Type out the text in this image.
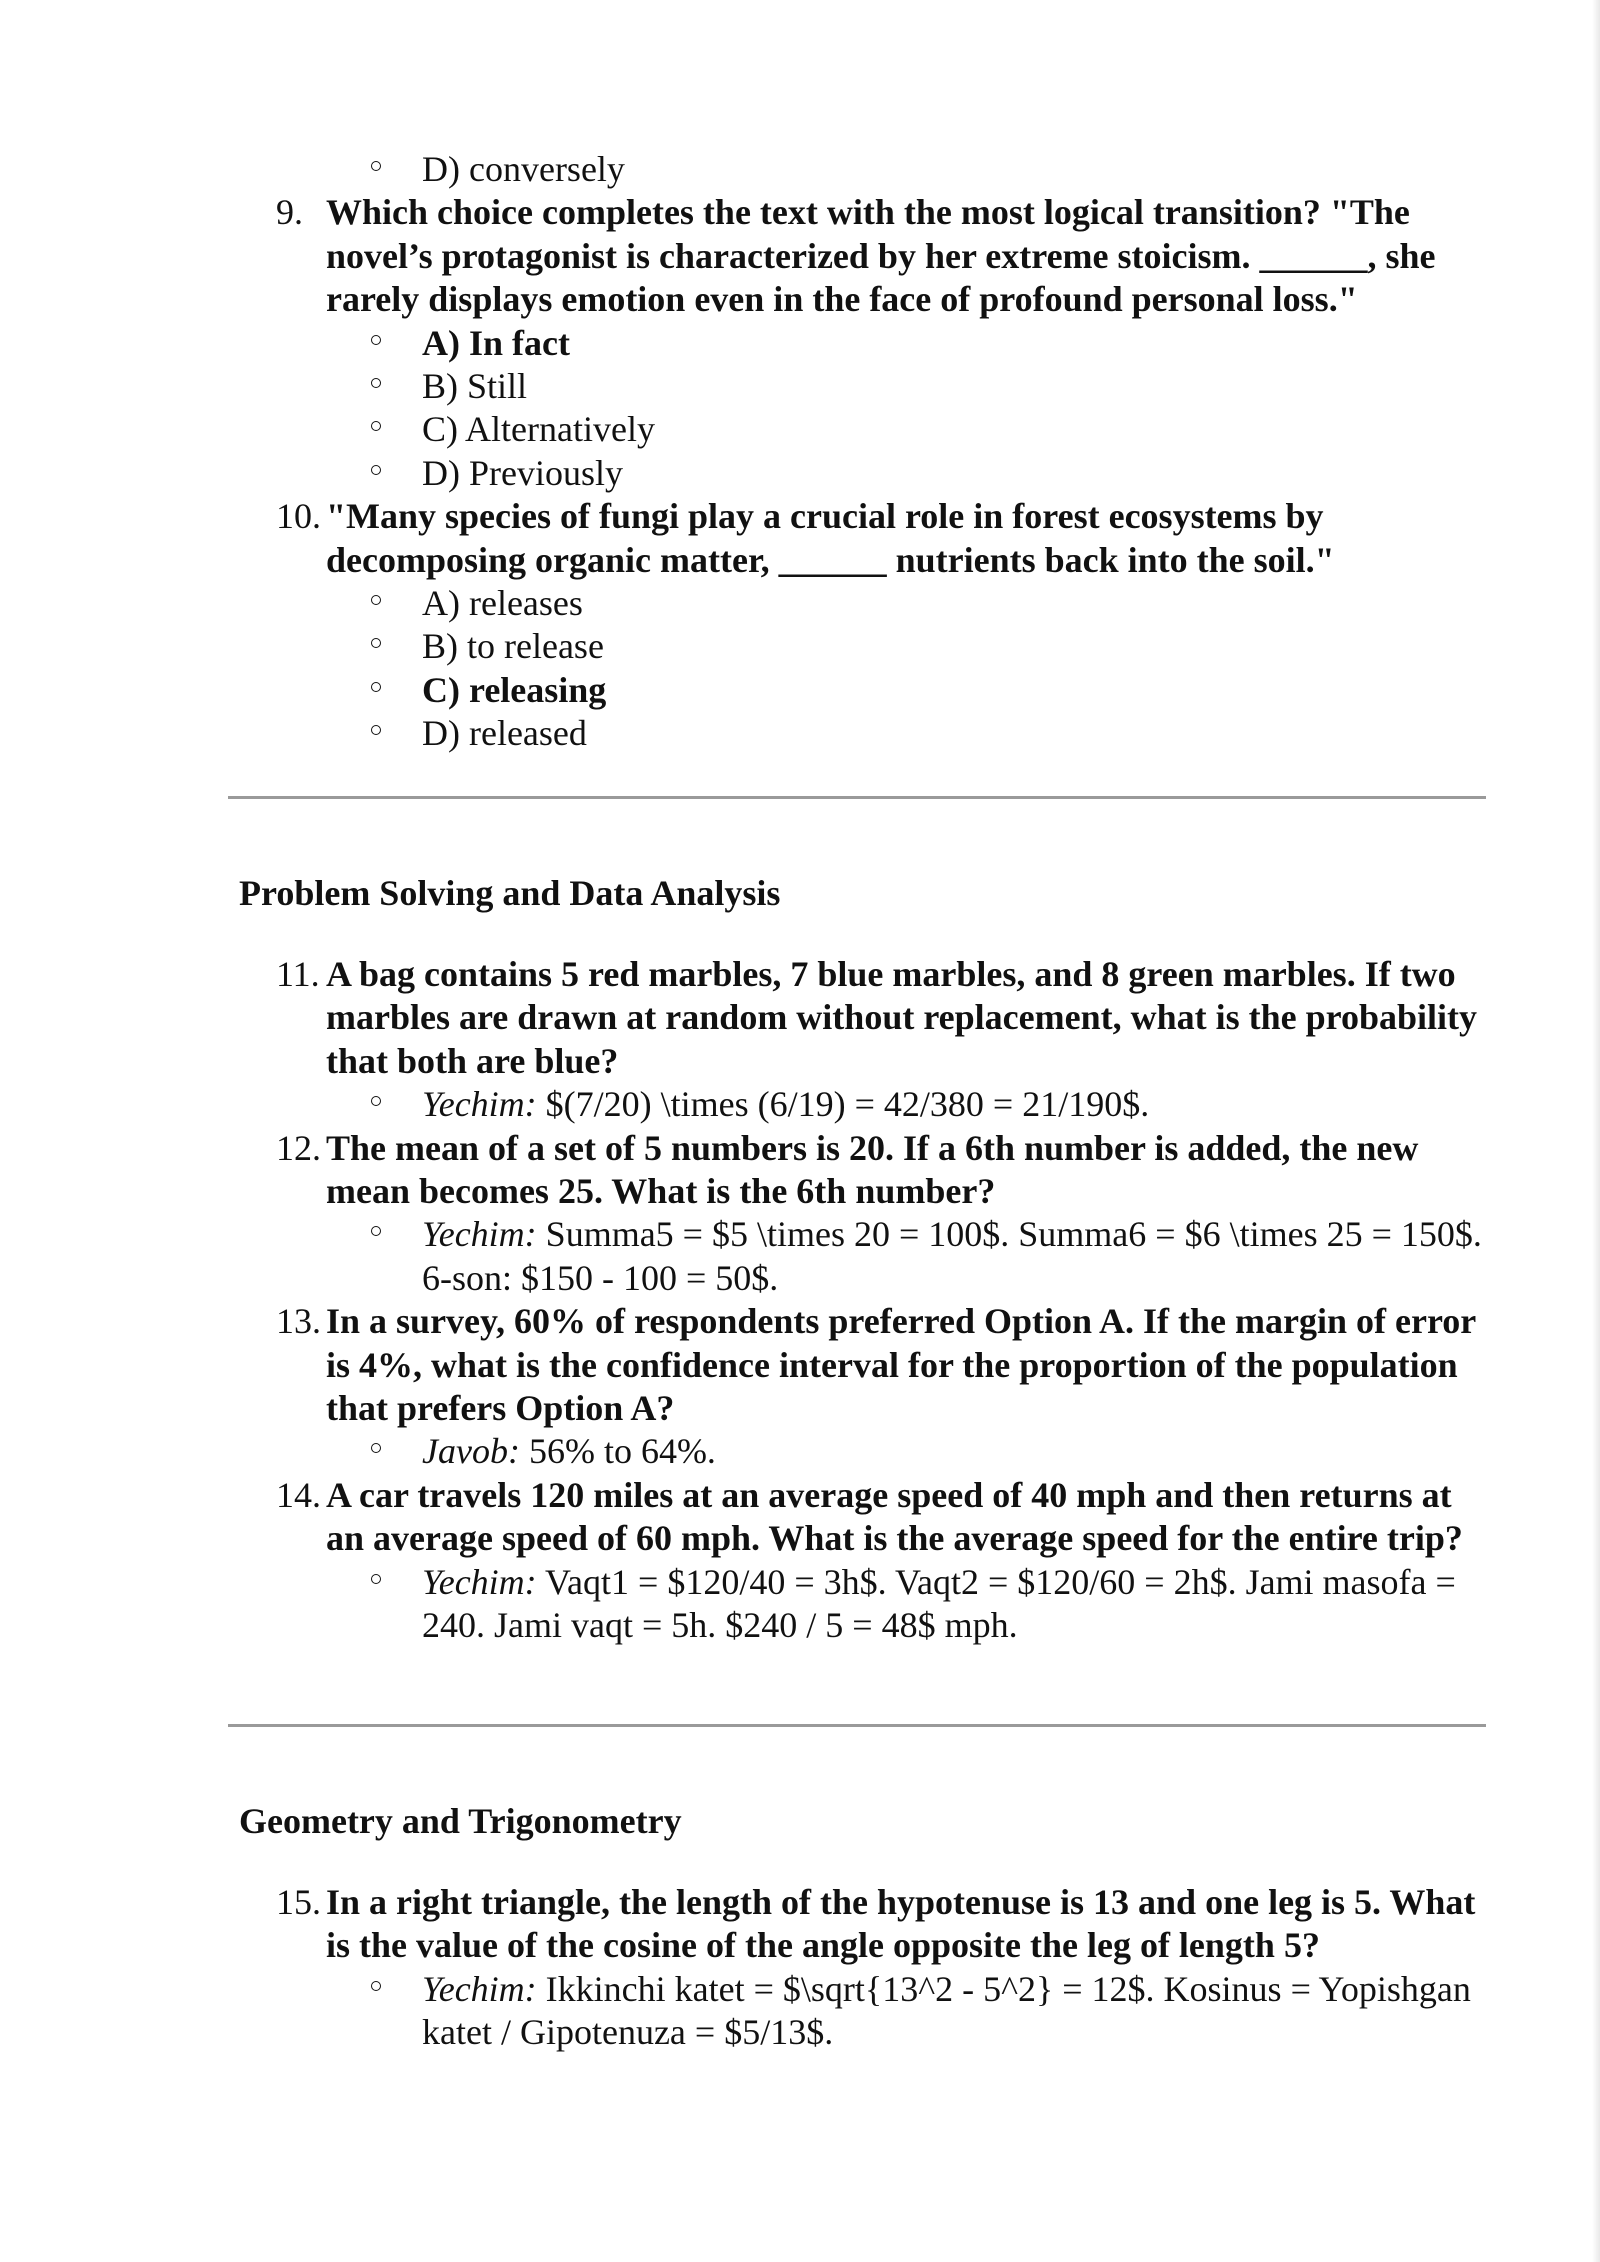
D) conversely
9. Which choice completes the text with the most logical transition? "The novel’s protagonist is characterized by her extreme stoicism. ______, she rarely displays emotion even in the face of profound personal loss."
A) In fact
B) Still
C) Alternatively
D) Previously
10. "Many species of fungi play a crucial role in forest ecosystems by decomposing organic matter, ______ nutrients back into the soil."
A) releases
B) to release
C) releasing
D) released
Problem Solving and Data Analysis
11. A bag contains 5 red marbles, 7 blue marbles, and 8 green marbles. If two marbles are drawn at random without replacement, what is the probability that both are blue?
Yechim: $(7/20) \times (6/19) = 42/380 = 21/190$.
12. The mean of a set of 5 numbers is 20. If a 6th number is added, the new mean becomes 25. What is the 6th number?
Yechim: Summa5 = $5 \times 20 = 100$. Summa6 = $6 \times 25 = 150$. 6-son: $150 - 100 = 50$.
13. In a survey, 60% of respondents preferred Option A. If the margin of error is 4%, what is the confidence interval for the proportion of the population that prefers Option A?
Javob: 56% to 64%.
14. A car travels 120 miles at an average speed of 40 mph and then returns at an average speed of 60 mph. What is the average speed for the entire trip?
Yechim: Vaqt1 = $120/40 = 3h$. Vaqt2 = $120/60 = 2h$. Jami masofa = 240. Jami vaqt = 5h. $240 / 5 = 48$ mph.
Geometry and Trigonometry
15. In a right triangle, the length of the hypotenuse is 13 and one leg is 5. What is the value of the cosine of the angle opposite the leg of length 5?
Yechim: Ikkinchi katet = $\sqrt{13^2 - 5^2} = 12$. Kosinus = Yopishgan katet / Gipotenuza = $5/13$.
